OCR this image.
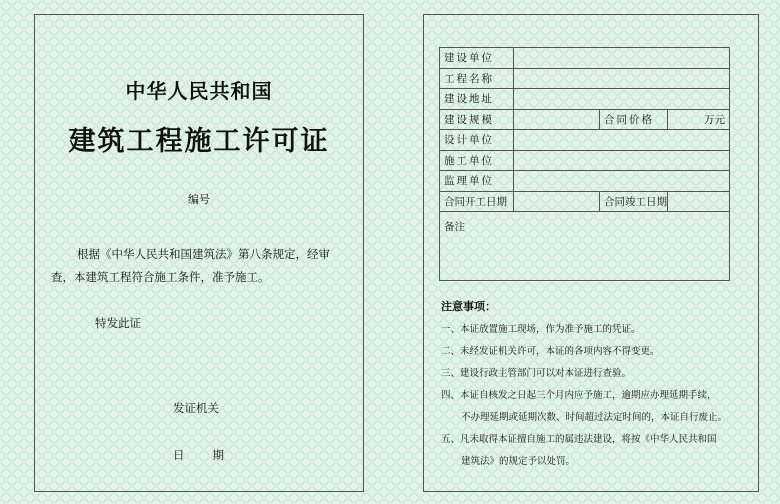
中华人民共和国
建筑工程施工许可证
编号
根据《中华人民共和国建筑法》第八条规定，经审查，本建筑工程符合施工条件，准予施工。
特发此证
发证机关
日 期
建设单位			
工程名称			
建设地址			
建设规模		合同价格	万元
设计单位			
施工单位			
监理单位			
合同开工日期		合同竣工日期	
备注			
注意事项：
一、本证放置施工现场，作为准予施工的凭证。
二、未经发证机关许可，本证的各项内容不得变更。
三、建设行政主管部门可以对本证进行查验。
四、本证自核发之日起三个月内应予施工，逾期应办理延期手续，
不办理延期或延期次数、时间超过法定时间的，本证自行废止。
五、凡未取得本证擅自施工的属违法建设，将按《中华人民共和国
建筑法》的规定予以处罚。
